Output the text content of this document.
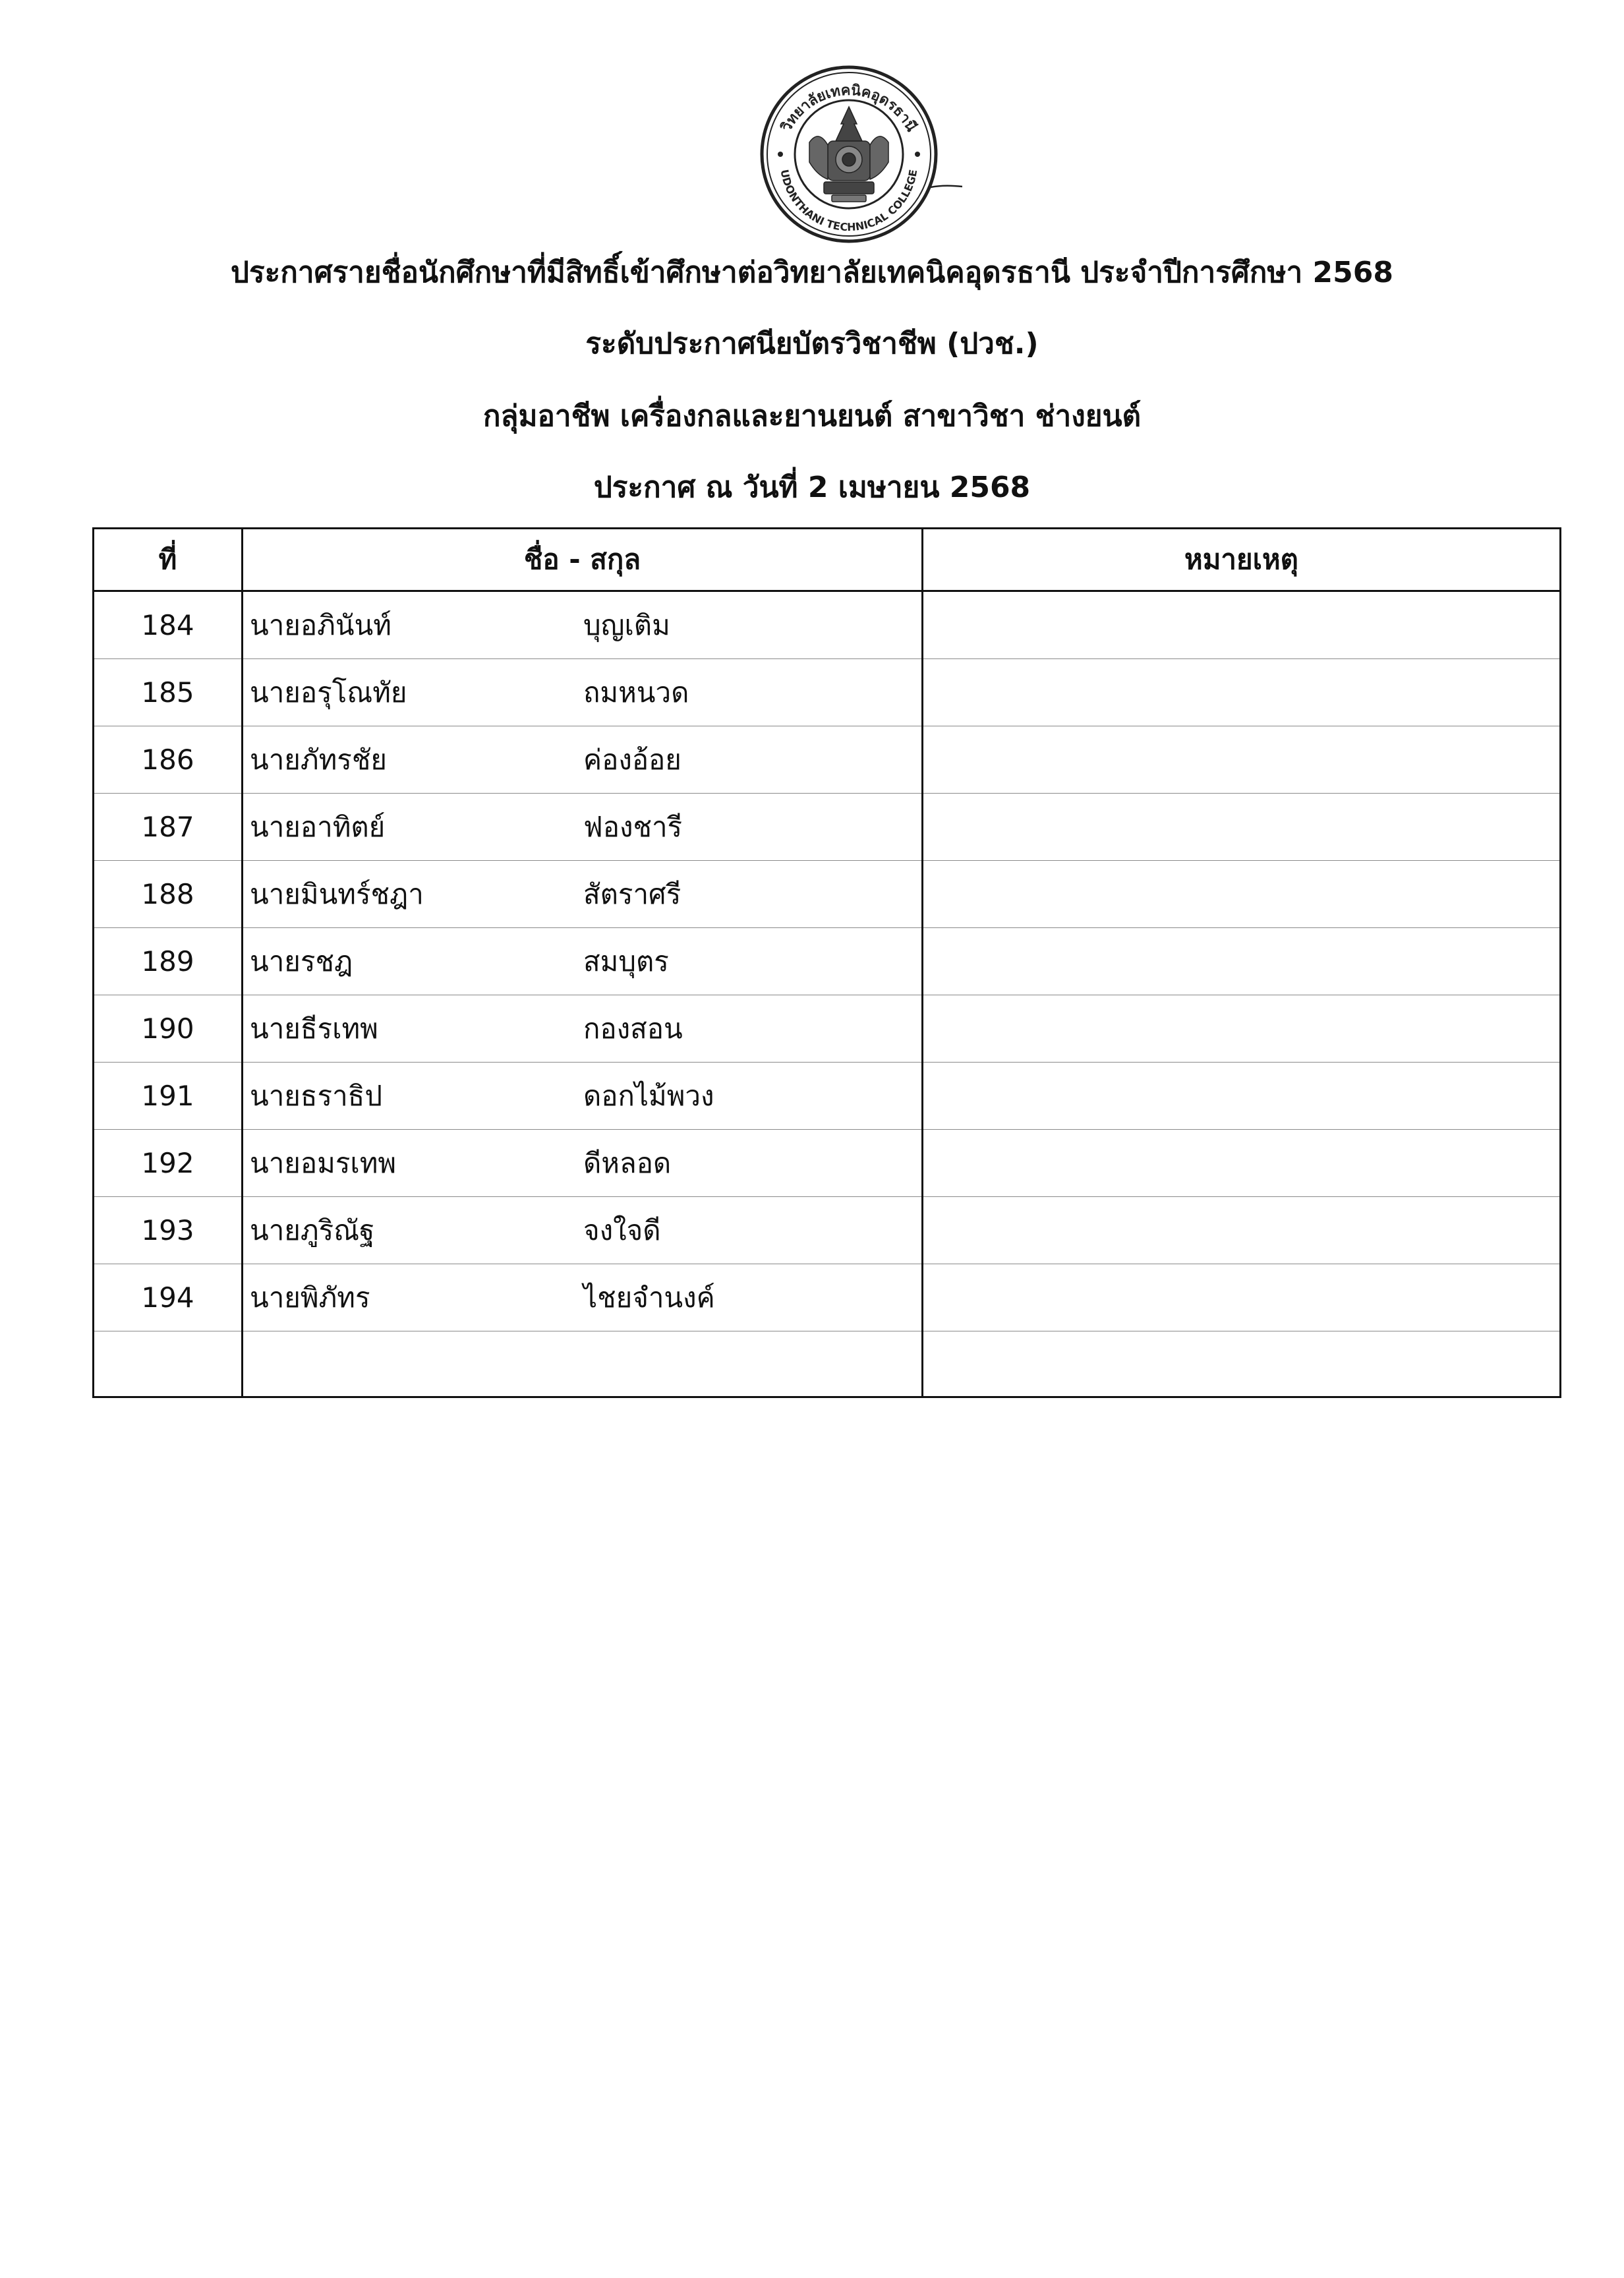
วิทยาลัยเทคนิคอุดรธานี
UDONTHANI TECHNICAL COLLEGE
ประกาศรายชื่อนักศึกษาที่มีสิทธิ์เข้าศึกษาต่อวิทยาลัยเทคนิคอุดรธานี ประจำปีการศึกษา 2568
ระดับประกาศนียบัตรวิชาชีพ (ปวช.)
กลุ่มอาชีพ เครื่องกลและยานยนต์ สาขาวิชา ช่างยนต์
ประกาศ ณ วันที่ 2 เมษายน 2568
ที่	ชื่อ - สกุล	หมายเหตุ
184	นายอภินันท์ บุญเติม	

185	นายอรุโณทัย ถมหนวด	

186	นายภัทรชัย ค่องอ้อย	

187	นายอาทิตย์ ฟองชารี	

188	นายมินทร์ชฎา สัตราศรี	

189	นายรชฎ สมบุตร	

190	นายธีรเทพ กองสอน	

191	นายธราธิป ดอกไม้พวง	

192	นายอมรเทพ ดีหลอด	

193	นายภูริณัฐ จงใจดี	

194	นายพิภัทร ไชยจำนงค์	
